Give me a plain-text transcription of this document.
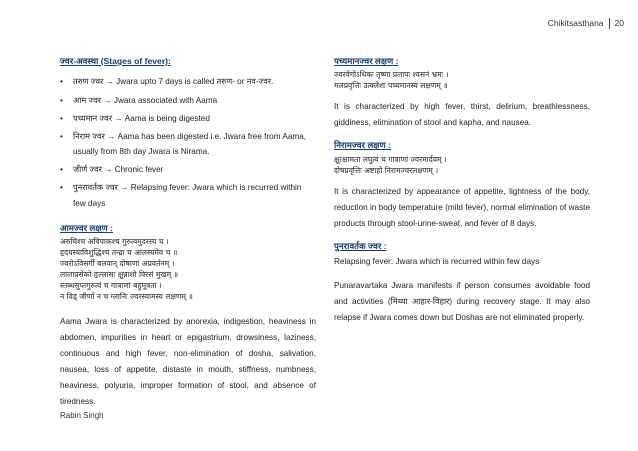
Chikitsasthana 20
ज्वर-अवस्था (Stages of fever):
• तरुण ज्वर → Jwara upto 7 days is called तरुण- or नव-ज्वर.
• आम ज्वर → Jwara associated with Aama
• पच्यमान ज्वर → Aama is being digested
• निराम ज्वर → Aama has been digested i.e. Jwara free from Aama, usually from 8th day Jwara is Nirama.
• जीर्ण ज्वर → Chronic fever
• पुनरावर्तक ज्वर → Relapsing fever: Jwara which is recurred within few days
आमज्वर लक्षण :
अरुचिश्च अविपाकश्च गुरुत्वमुदरस्य च ।
हृदयस्याविशुद्धिश्च तन्द्रा च आलस्यमेव च ॥
ज्वरोऽविसर्गी बलवान् दोषाणां अप्रवर्तनम् ।
लालाप्रसेको हृल्लासः क्षुन्नाशो विरसं मुखम् ॥
स्तब्धसुप्तगुरुत्वं च गात्राणां बहुमूत्रता ।
न विड् जीर्णा न च ग्लानिः ज्वरस्यामस्य लक्षणम् ॥
Aama Jwara is characterized by anorexia, indigestion, heaviness in abdomen, impurities in heart or epigastrium, drowsiness, laziness, continuous and high fever, non-elimination of dosha, salivation, nausea, loss of appetite, distaste in mouth, stiffness, numbness, heaviness, polyuria, improper formation of stool, and absence of tiredness.
पच्यमानज्वर लक्षण :
ज्वरवेगोऽधिकः तृष्णा प्रलापः श्वसनं भ्रमः ।
मलप्रवृत्तिः उत्क्लेशः पच्यमानस्य लक्षणम् ॥
It is characterized by high fever, thirst, delirium, breathlessness, giddiness, elimination of stool and kapha, and nausea.
निरामज्वर लक्षण :
क्षुत्क्षामता लघुत्वं च गात्राणां ज्वरमार्दवम् ।
दोषप्रवृत्तिः अष्टाहो निरामज्वरलक्षणम् ।
It is characterized by appearance of appetite, lightness of the body, reduction in body temperature (mild fever), normal elimination of waste products through stool-urine-sweat, and fever of 8 days.
पुनरावर्तक ज्वर :
Relapsing fever: Jwara which is recurred within few days
Punaravartaka Jwara manifests if person consumes avoidable food and activities (मिथ्या आहार-विहार) during recovery stage. It may also relapse if Jwara comes down but Doshas are not eliminated properly.
Rabin Singh
